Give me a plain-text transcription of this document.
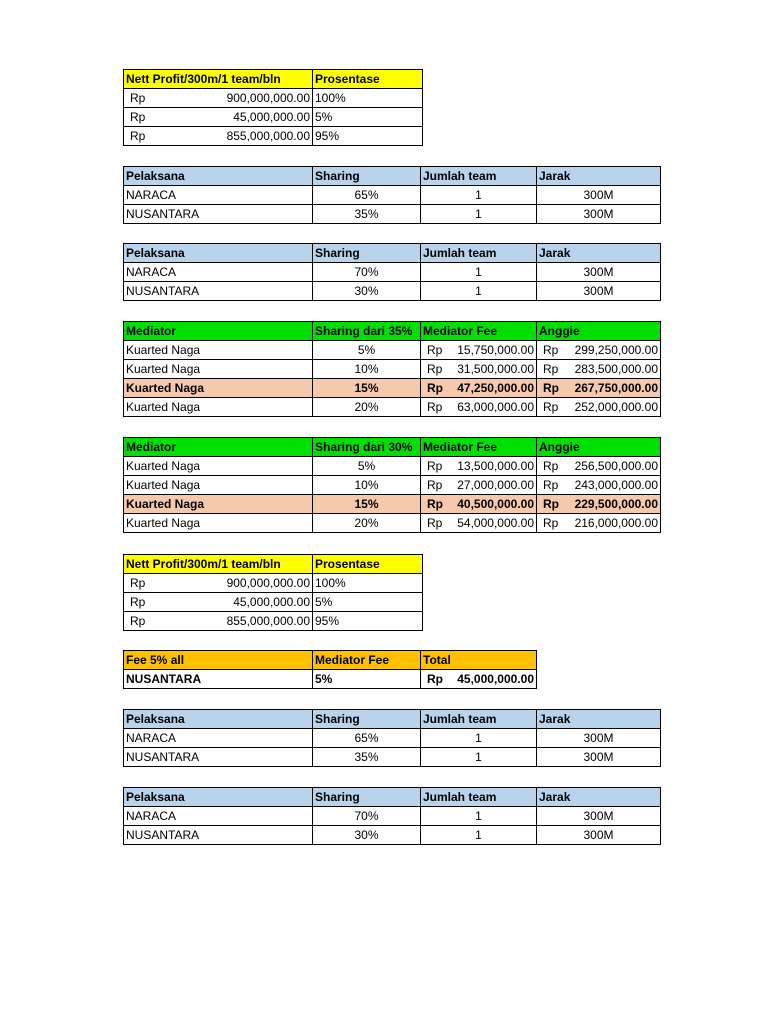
Nett Profit/300m/1 team/bln	Prosentase

Rp 900,000,000.00	100%

Rp 45,000,000.00	5%

Rp 855,000,000.00	95%
Pelaksana	Sharing	Jumlah team	Jarak
NARACA	65%	1	300M
NUSANTARA	35%	1	300M
Pelaksana	Sharing	Jumlah team	Jarak
NARACA	70%	1	300M
NUSANTARA	30%	1	300M
Mediator	Sharing dari 35%	Mediator Fee	Anggie
Kuarted Naga	5%	Rp 15,750,000.00	Rp 299,250,000.00

Kuarted Naga	10%	Rp 31,500,000.00	Rp 283,500,000.00

Kuarted Naga	15%	Rp 47,250,000.00	Rp 267,750,000.00

Kuarted Naga	20%	Rp 63,000,000.00	Rp 252,000,000.00
Mediator	Sharing dari 30%	Mediator Fee	Anggie
Kuarted Naga	5%	Rp 13,500,000.00	Rp 256,500,000.00

Kuarted Naga	10%	Rp 27,000,000.00	Rp 243,000,000.00

Kuarted Naga	15%	Rp 40,500,000.00	Rp 229,500,000.00

Kuarted Naga	20%	Rp 54,000,000.00	Rp 216,000,000.00
Nett Profit/300m/1 team/bln	Prosentase

Rp 900,000,000.00	100%

Rp 45,000,000.00	5%

Rp 855,000,000.00	95%
Fee 5% all	Mediator Fee	Total
NUSANTARA	5%	Rp 45,000,000.00
Pelaksana	Sharing	Jumlah team	Jarak
NARACA	65%	1	300M
NUSANTARA	35%	1	300M
Pelaksana	Sharing	Jumlah team	Jarak
NARACA	70%	1	300M
NUSANTARA	30%	1	300M
